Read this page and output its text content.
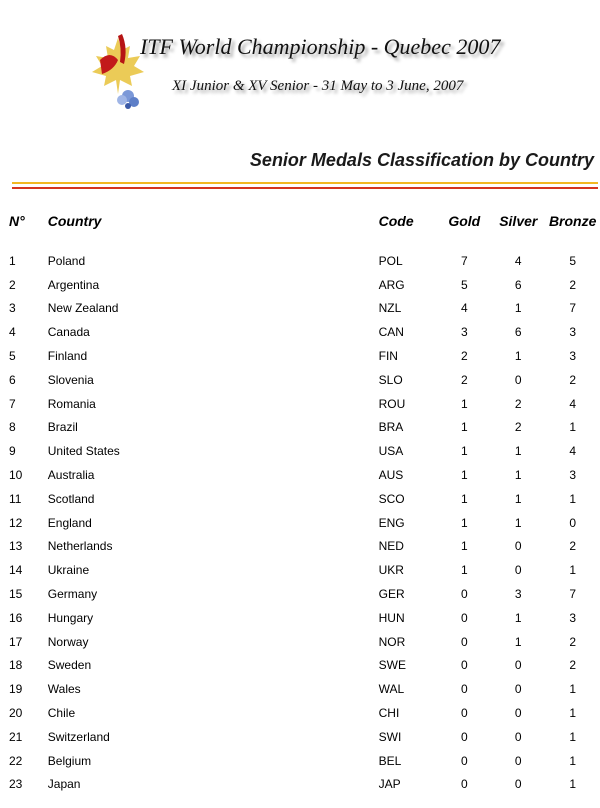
ITF World Championship - Quebec 2007
XI Junior & XV Senior - 31 May to 3 June, 2007
Senior Medals Classification by Country
N°	Country	Code	Gold	Silver	Bronze
1	Poland	POL	7	4	5
2	Argentina	ARG	5	6	2
3	New Zealand	NZL	4	1	7
4	Canada	CAN	3	6	3
5	Finland	FIN	2	1	3
6	Slovenia	SLO	2	0	2
7	Romania	ROU	1	2	4
8	Brazil	BRA	1	2	1
9	United States	USA	1	1	4
10	Australia	AUS	1	1	3
11	Scotland	SCO	1	1	1
12	England	ENG	1	1	0
13	Netherlands	NED	1	0	2
14	Ukraine	UKR	1	0	1
15	Germany	GER	0	3	7
16	Hungary	HUN	0	1	3
17	Norway	NOR	0	1	2
18	Sweden	SWE	0	0	2
19	Wales	WAL	0	0	1
20	Chile	CHI	0	0	1
21	Switzerland	SWI	0	0	1
22	Belgium	BEL	0	0	1
23	Japan	JAP	0	0	1
